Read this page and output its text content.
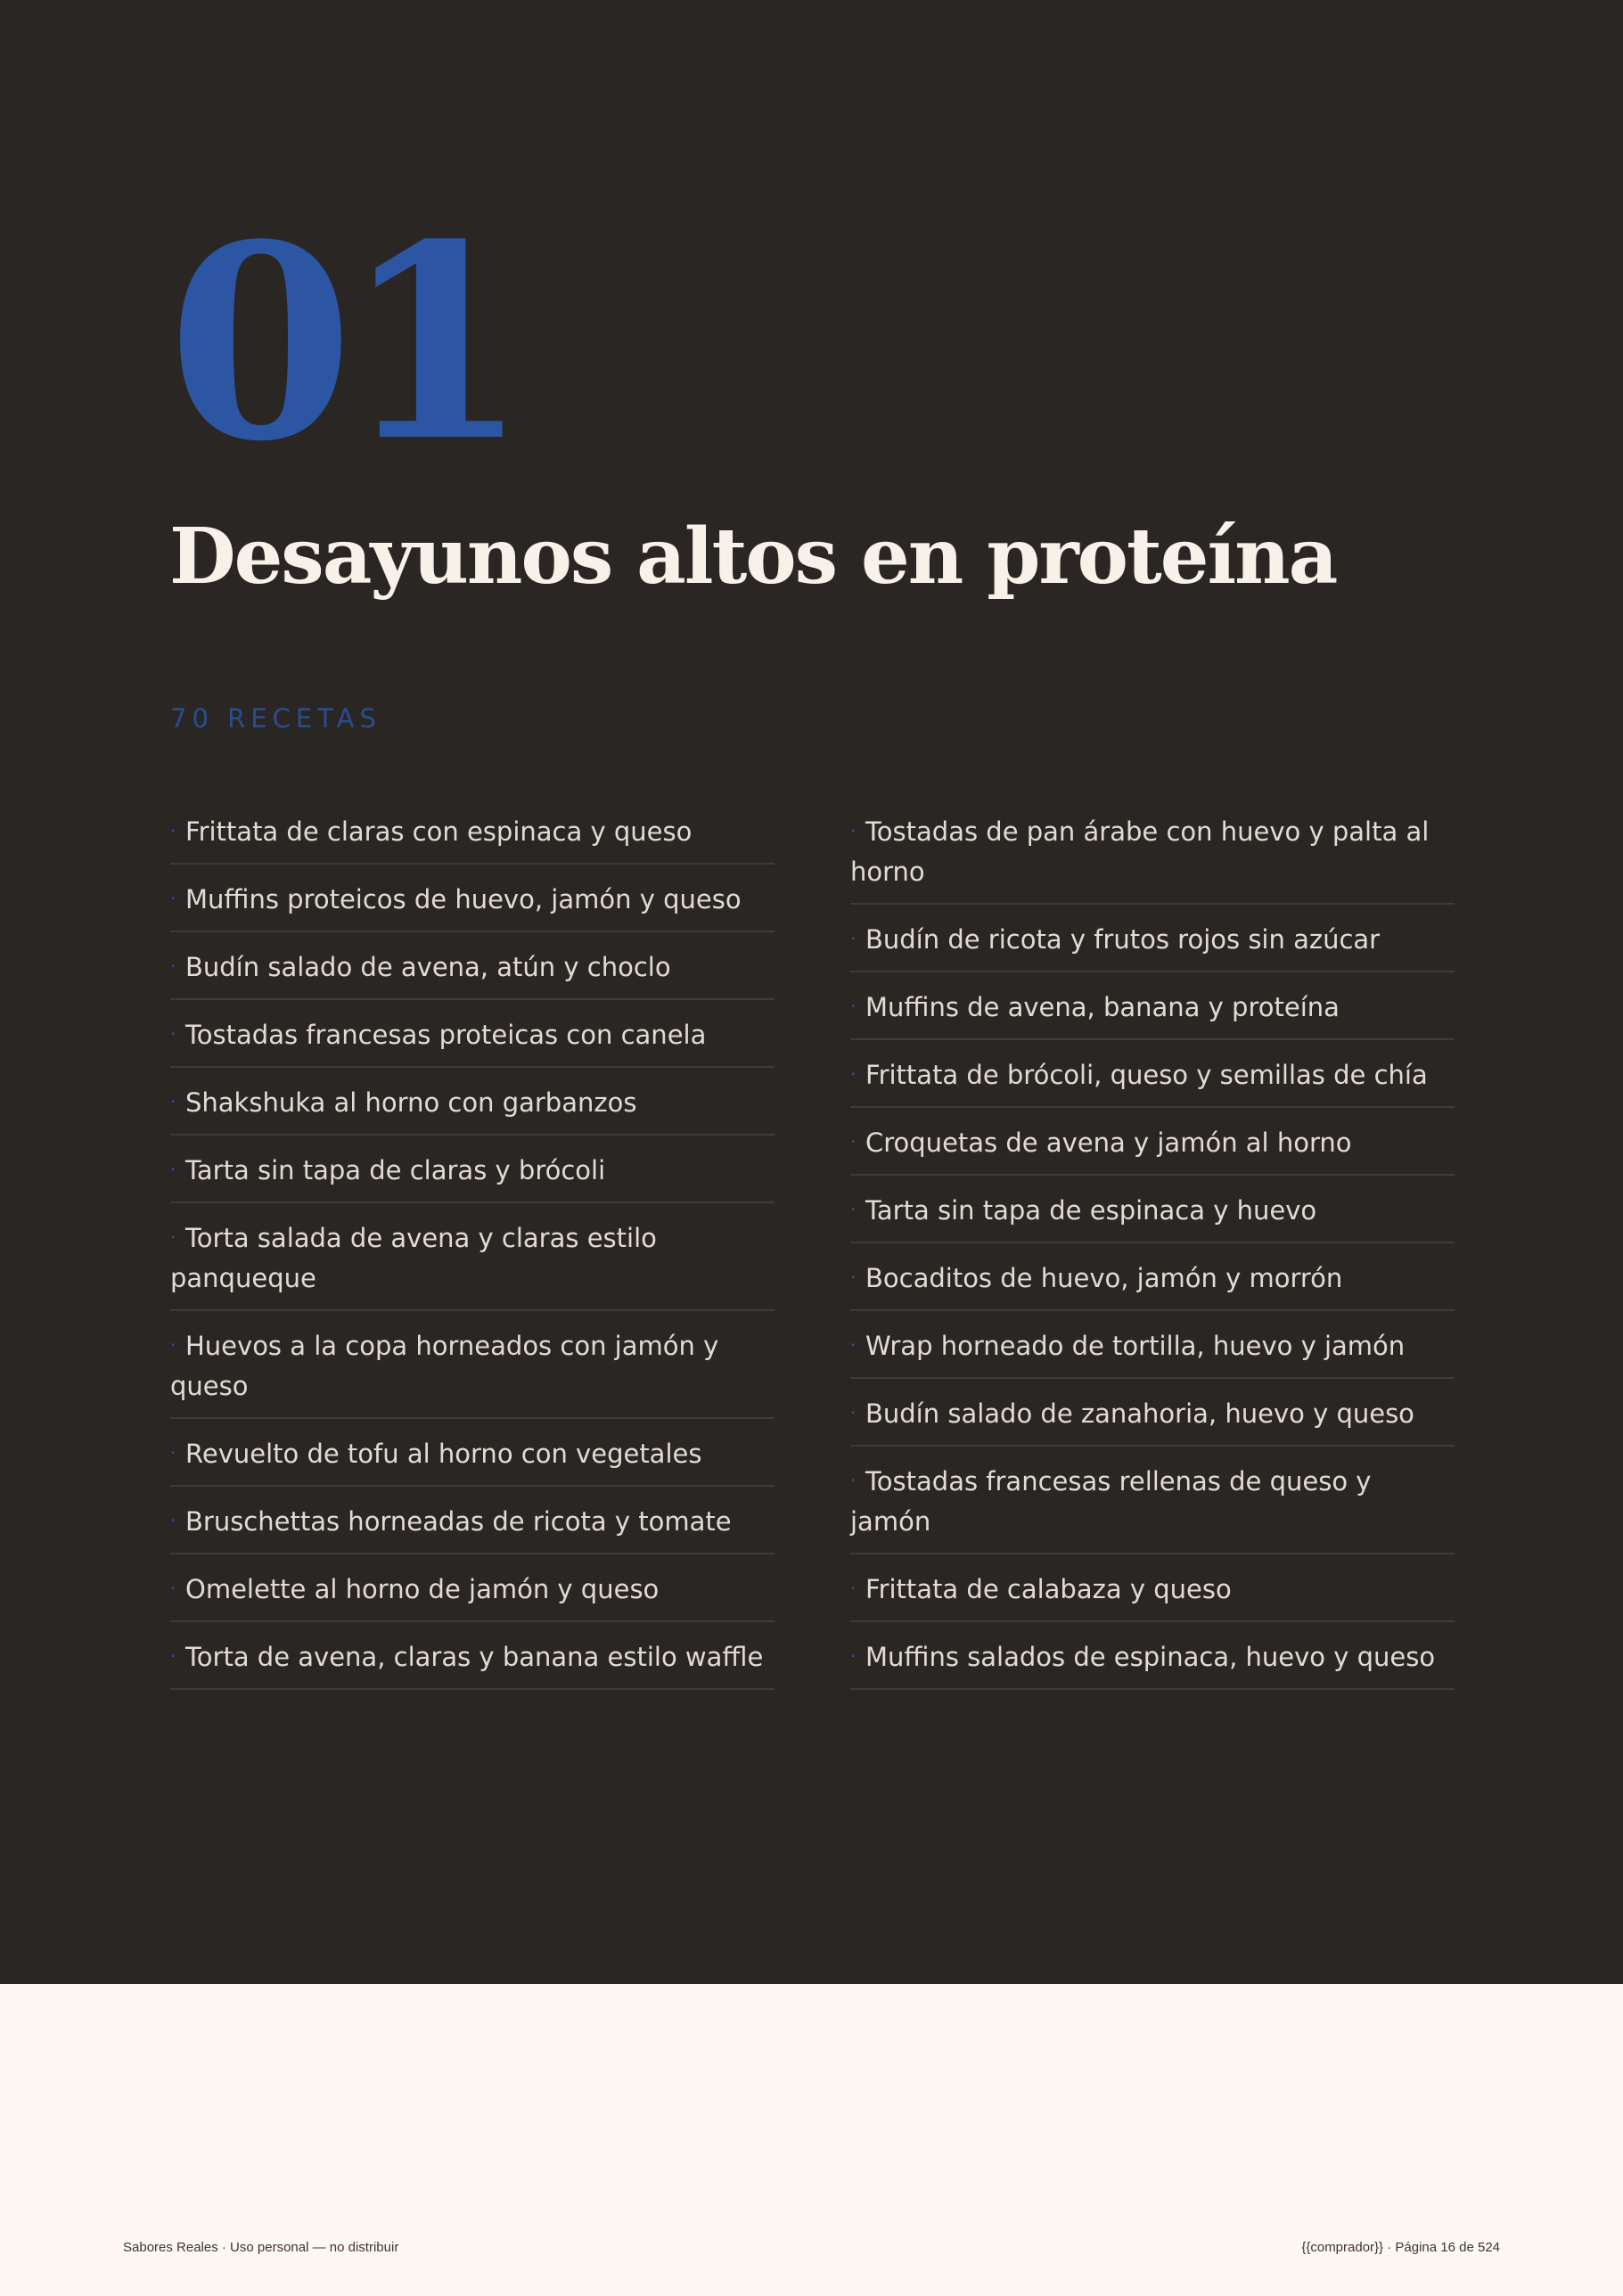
01
Desayunos altos en proteína

70 RECETAS

· Frittata de claras con espinaca y queso
· Muffins proteicos de huevo, jamón y queso
· Budín salado de avena, atún y choclo
· Tostadas francesas proteicas con canela
· Shakshuka al horno con garbanzos
· Tarta sin tapa de claras y brócoli
· Torta salada de avena y claras estilo panqueque
· Huevos a la copa horneados con jamón y queso
· Revuelto de tofu al horno con vegetales
· Bruschettas horneadas de ricota y tomate
· Omelette al horno de jamón y queso
· Torta de avena, claras y banana estilo waffle
· Tostadas de pan árabe con huevo y palta al horno
· Budín de ricota y frutos rojos sin azúcar
· Muffins de avena, banana y proteína
· Frittata de brócoli, queso y semillas de chía
· Croquetas de avena y jamón al horno
· Tarta sin tapa de espinaca y huevo
· Bocaditos de huevo, jamón y morrón
· Wrap horneado de tortilla, huevo y jamón
· Budín salado de zanahoria, huevo y queso
· Tostadas francesas rellenas de queso y jamón
· Frittata de calabaza y queso
· Muffins salados de espinaca, huevo y queso

Sabores Reales · Uso personal — no distribuir	{{comprador}} · Página 16 de 524
